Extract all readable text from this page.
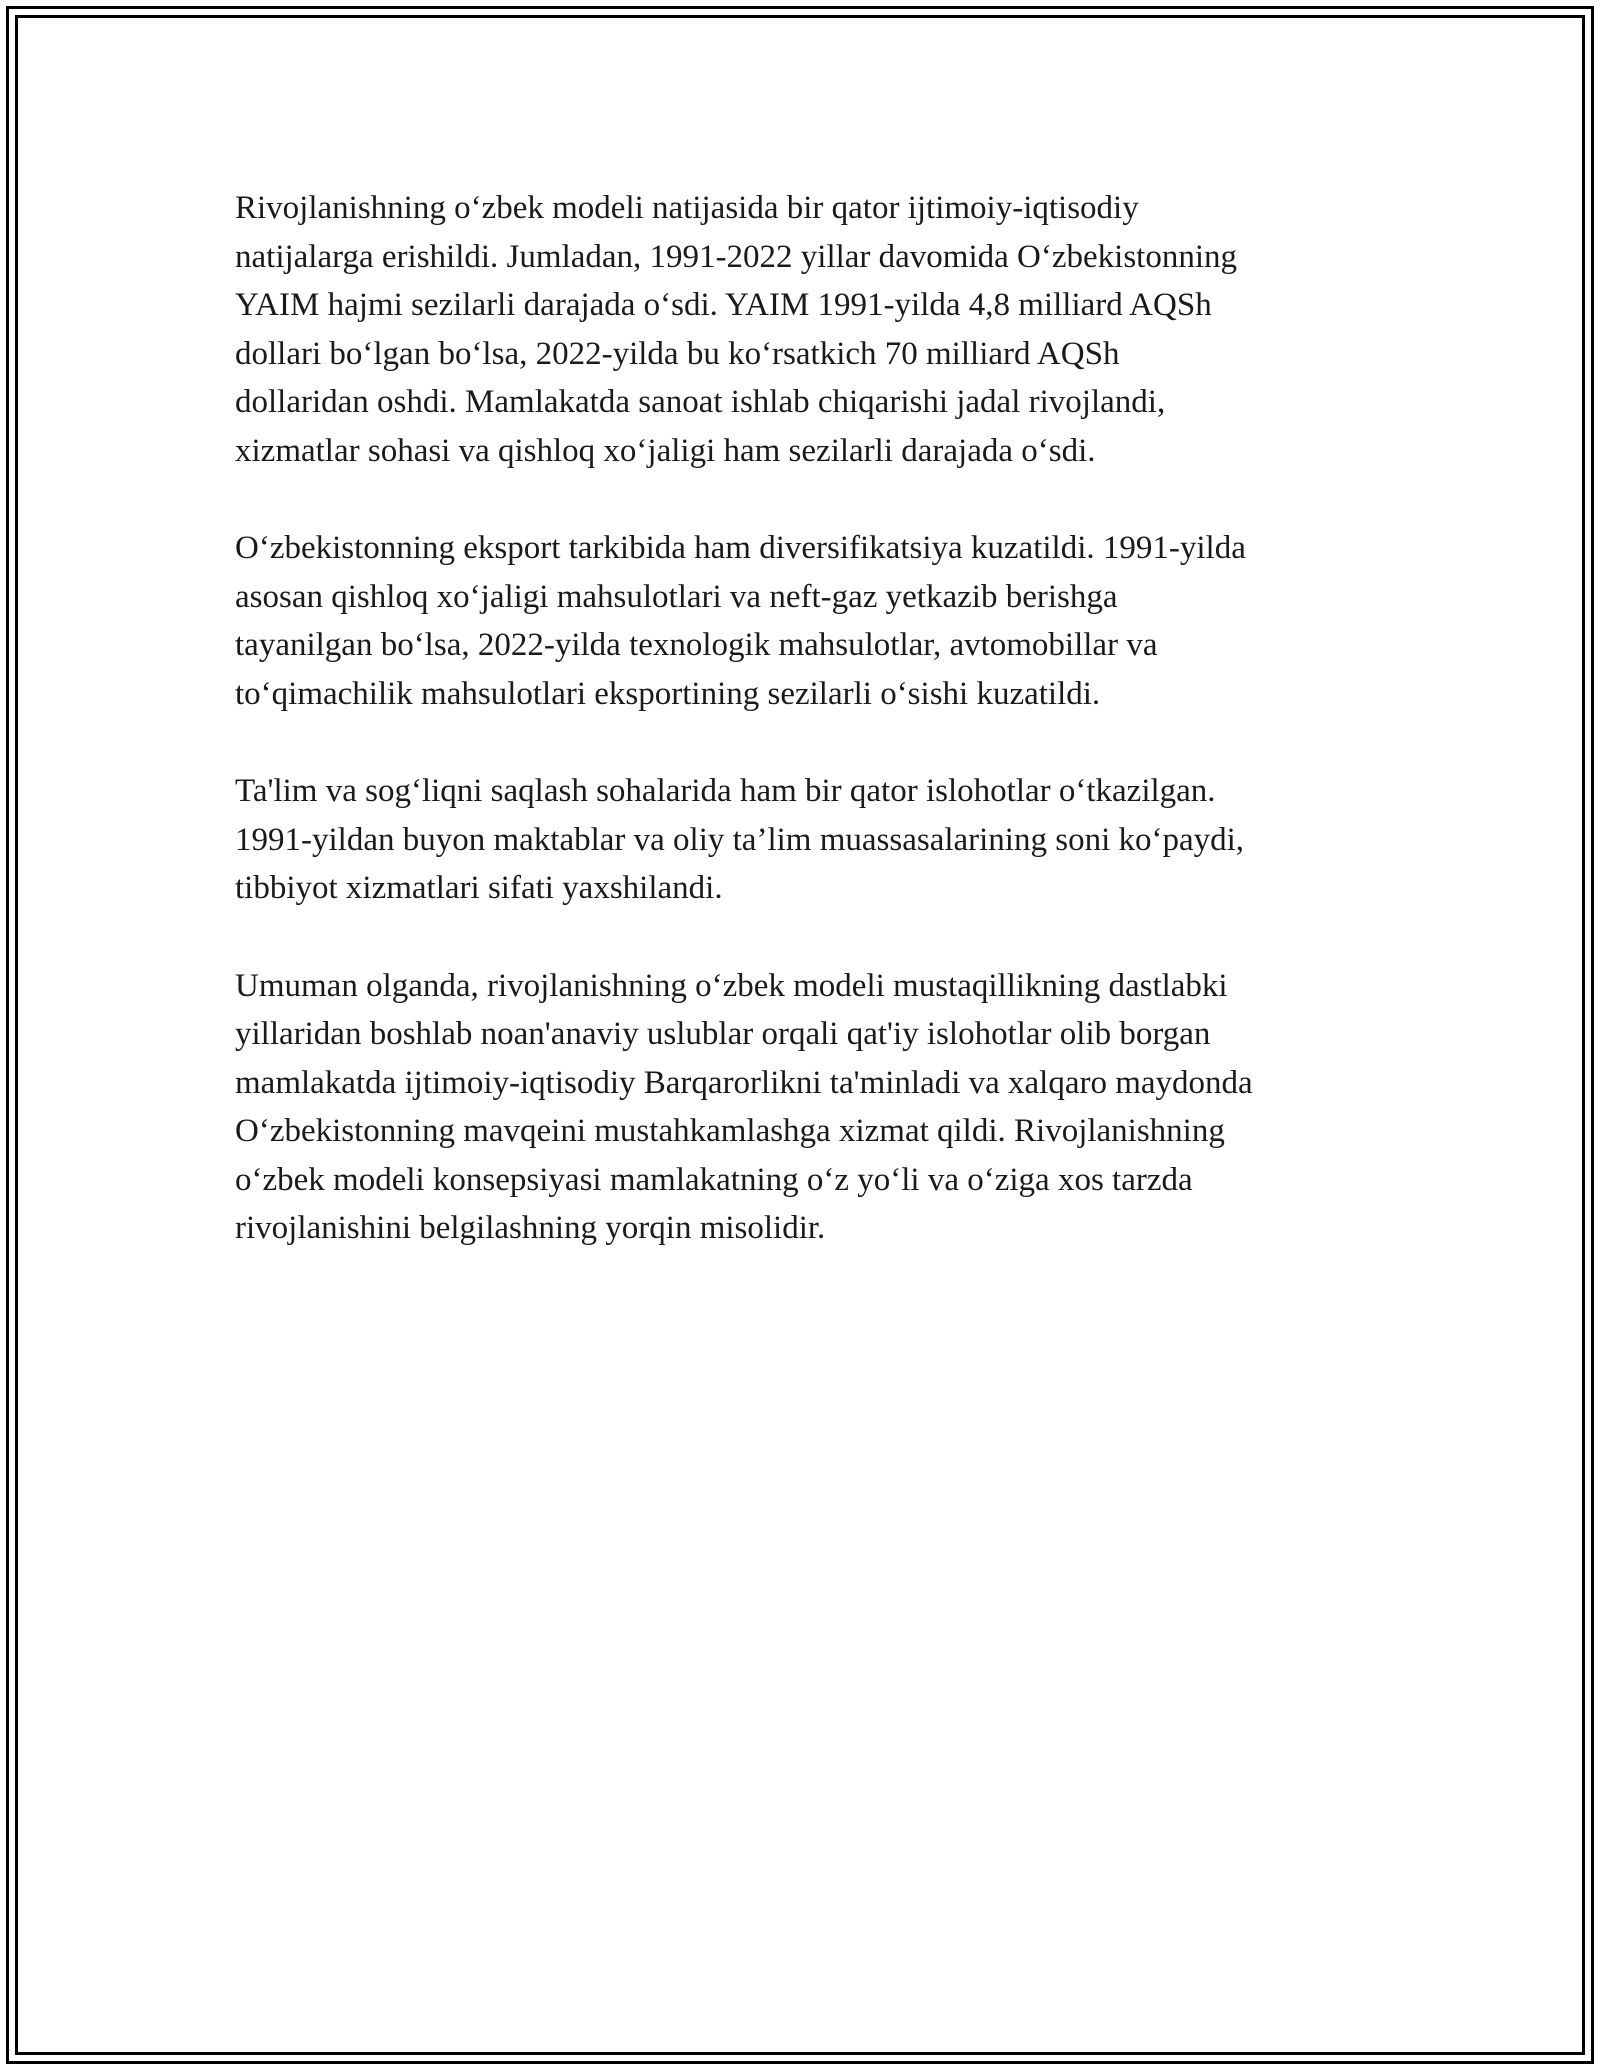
Rivojlanishning o‘zbek modeli natijasida bir qator ijtimoiy-iqtisodiy
natijalarga erishildi. Jumladan, 1991-2022 yillar davomida O‘zbekistonning
YAIM hajmi sezilarli darajada o‘sdi. YAIM 1991-yilda 4,8 milliard AQSh
dollari bo‘lgan bo‘lsa, 2022-yilda bu ko‘rsatkich 70 milliard AQSh
dollaridan oshdi. Mamlakatda sanoat ishlab chiqarishi jadal rivojlandi,
xizmatlar sohasi va qishloq xo‘jaligi ham sezilarli darajada o‘sdi.

O‘zbekistonning eksport tarkibida ham diversifikatsiya kuzatildi. 1991-yilda
asosan qishloq xo‘jaligi mahsulotlari va neft-gaz yetkazib berishga
tayanilgan bo‘lsa, 2022-yilda texnologik mahsulotlar, avtomobillar va
to‘qimachilik mahsulotlari eksportining sezilarli o‘sishi kuzatildi.

Ta'lim va sog‘liqni saqlash sohalarida ham bir qator islohotlar o‘tkazilgan.
1991-yildan buyon maktablar va oliy ta’lim muassasalarining soni ko‘paydi,
tibbiyot xizmatlari sifati yaxshilandi.

Umuman olganda, rivojlanishning o‘zbek modeli mustaqillikning dastlabki
yillaridan boshlab noan'anaviy uslublar orqali qat'iy islohotlar olib borgan
mamlakatda ijtimoiy-iqtisodiy Barqarorlikni ta'minladi va xalqaro maydonda
O‘zbekistonning mavqeini mustahkamlashga xizmat qildi. Rivojlanishning
o‘zbek modeli konsepsiyasi mamlakatning o‘z yo‘li va o‘ziga xos tarzda
rivojlanishini belgilashning yorqin misolidir.
